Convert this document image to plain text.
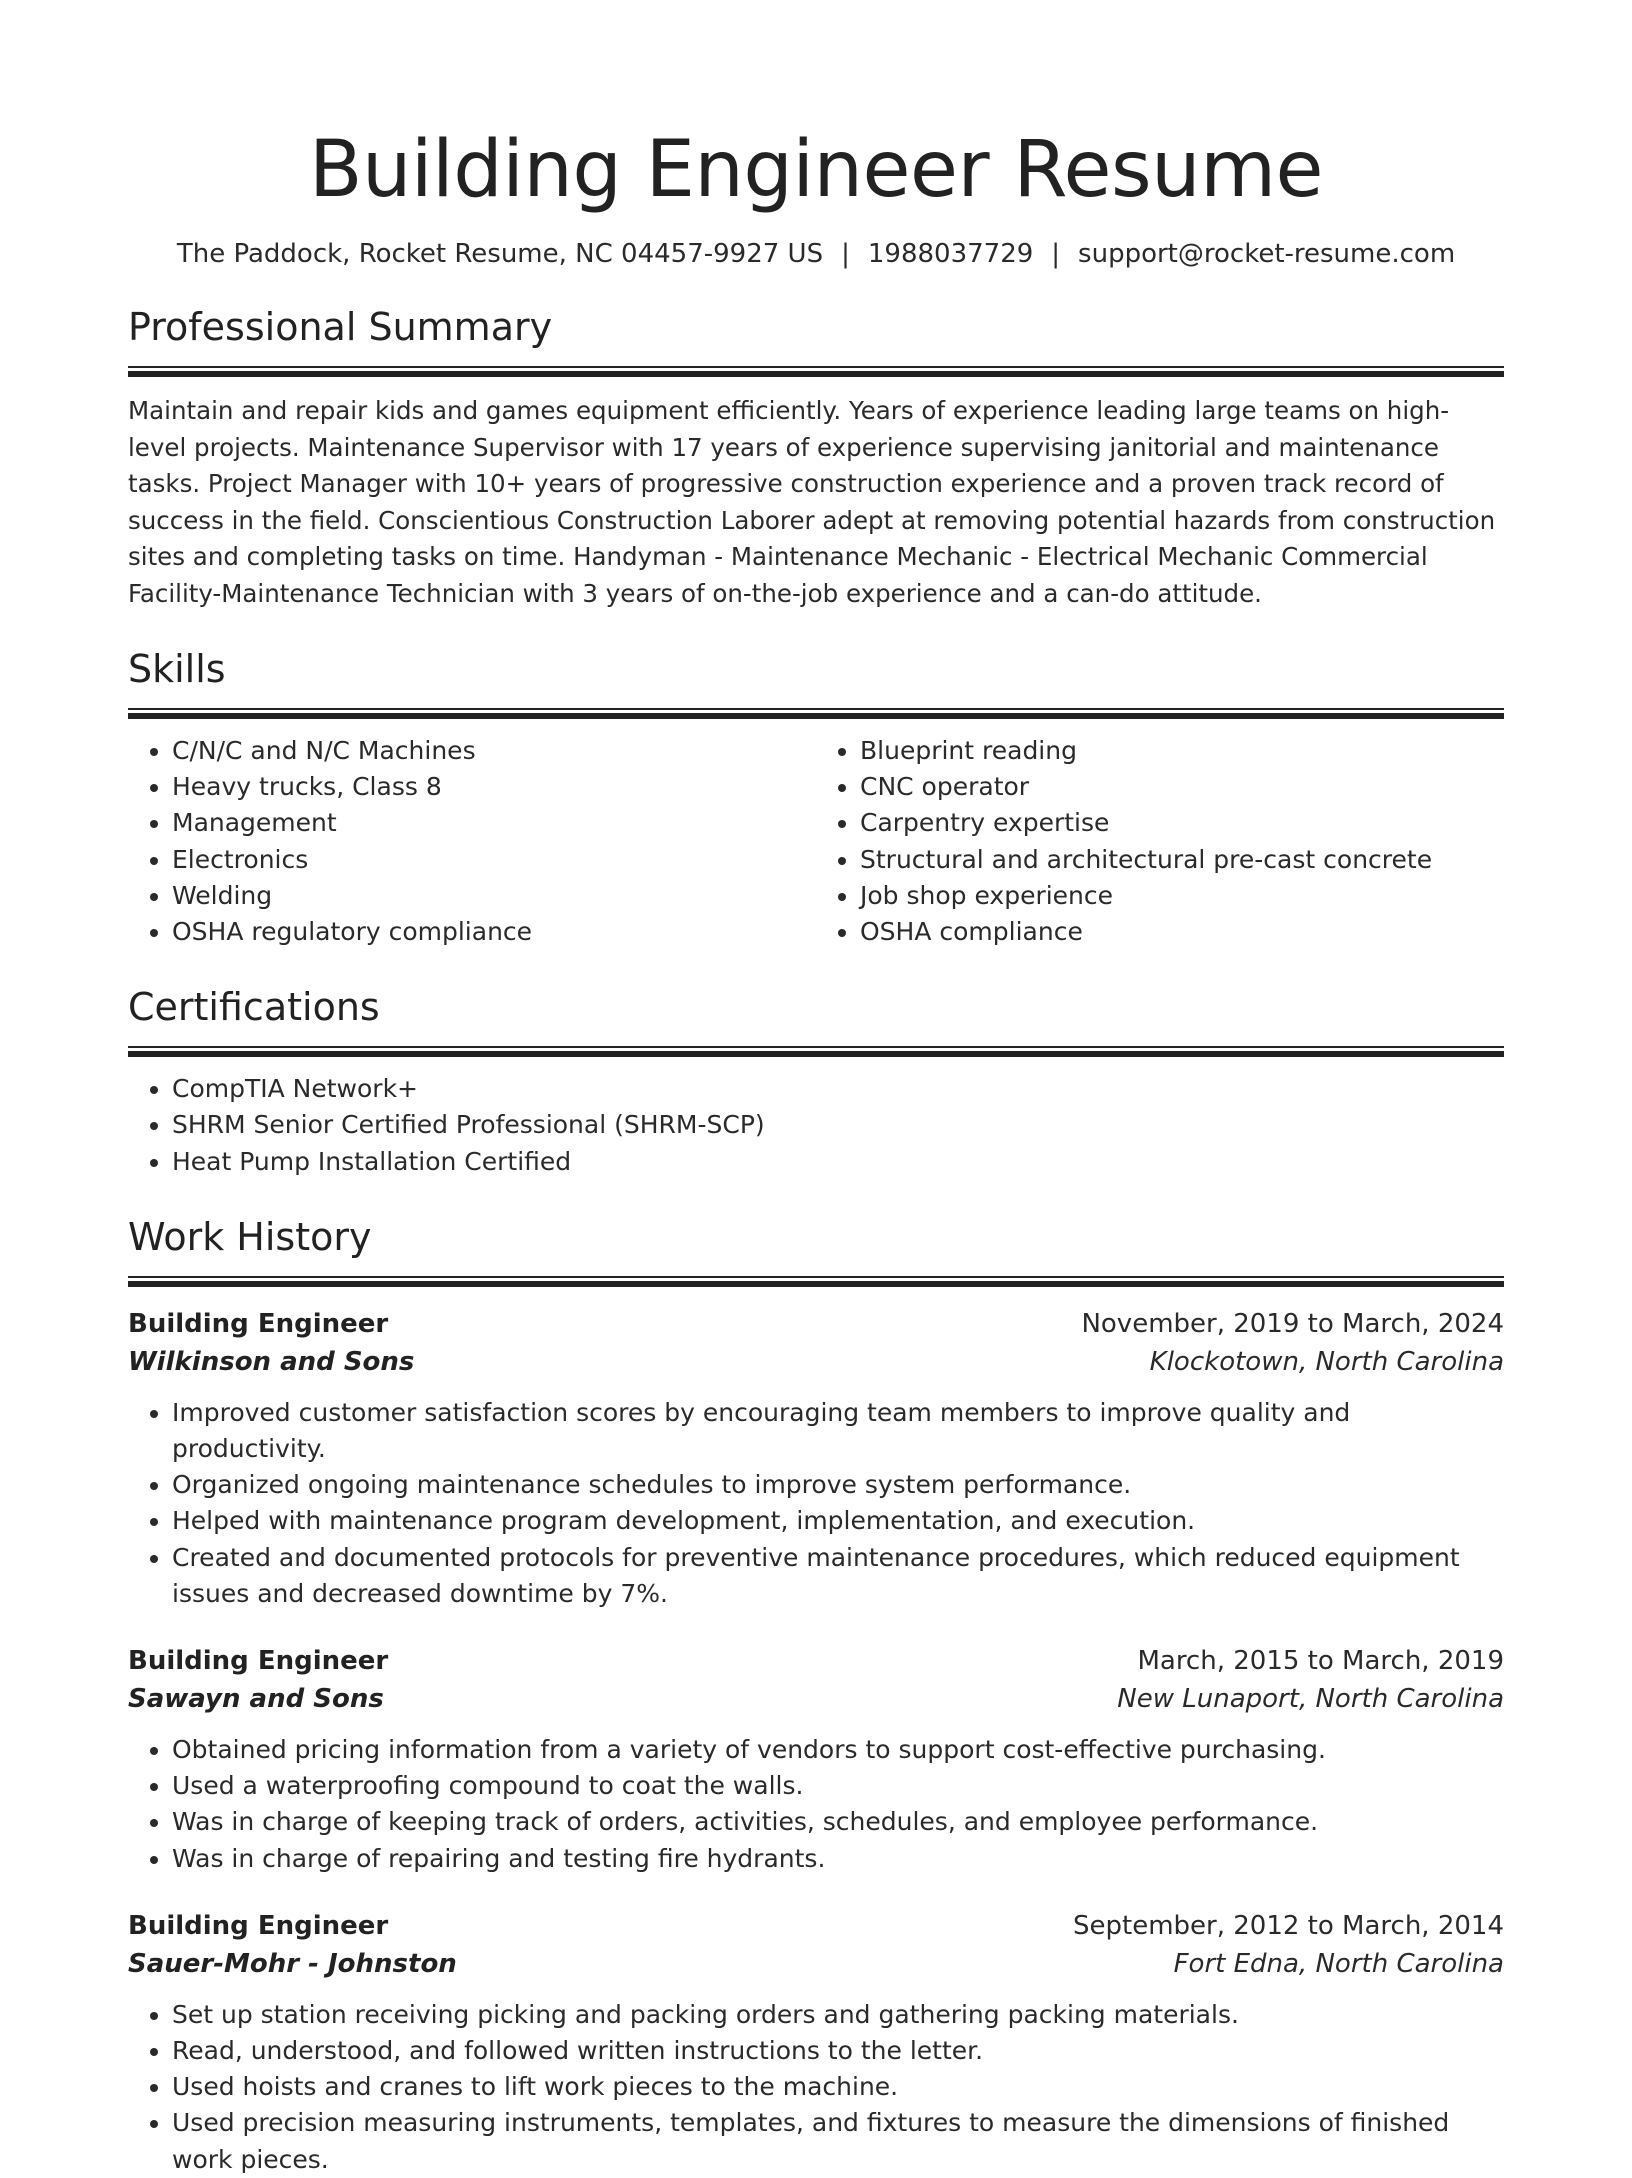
Building Engineer Resume
The Paddock, Rocket Resume, NC 04457-9927 US | 1988037729 | support@rocket-resume.com
Professional Summary

Maintain and repair kids and games equipment efficiently. Years of experience leading large teams on high-level projects. Maintenance Supervisor with 17 years of experience supervising janitorial and maintenance tasks. Project Manager with 10+ years of progressive construction experience and a proven track record of success in the field. Conscientious Construction Laborer adept at removing potential hazards from construction sites and completing tasks on time. Handyman - Maintenance Mechanic - Electrical Mechanic Commercial Facility-Maintenance Technician with 3 years of on-the-job experience and a can-do attitude.

Skills
• C/N/C and N/C Machines
• Heavy trucks, Class 8
• Management
• Electronics
• Welding
• OSHA regulatory compliance
• Blueprint reading
• CNC operator
• Carpentry expertise
• Structural and architectural pre-cast concrete
• Job shop experience
• OSHA compliance
Certifications
• CompTIA Network+
• SHRM Senior Certified Professional (SHRM-SCP)
• Heat Pump Installation Certified
Work History
Building Engineer	November, 2019 to March, 2024
Wilkinson and Sons	Klockotown, North Carolina
• Improved customer satisfaction scores by encouraging team members to improve quality and productivity.
• Organized ongoing maintenance schedules to improve system performance.
• Helped with maintenance program development, implementation, and execution.
• Created and documented protocols for preventive maintenance procedures, which reduced equipment issues and decreased downtime by 7%.
Building Engineer	March, 2015 to March, 2019
Sawayn and Sons	New Lunaport, North Carolina
• Obtained pricing information from a variety of vendors to support cost-effective purchasing.
• Used a waterproofing compound to coat the walls.
• Was in charge of keeping track of orders, activities, schedules, and employee performance.
• Was in charge of repairing and testing fire hydrants.
Building Engineer	September, 2012 to March, 2014
Sauer-Mohr - Johnston	Fort Edna, North Carolina
• Set up station receiving picking and packing orders and gathering packing materials.
• Read, understood, and followed written instructions to the letter.
• Used hoists and cranes to lift work pieces to the machine.
• Used precision measuring instruments, templates, and fixtures to measure the dimensions of finished work pieces.
